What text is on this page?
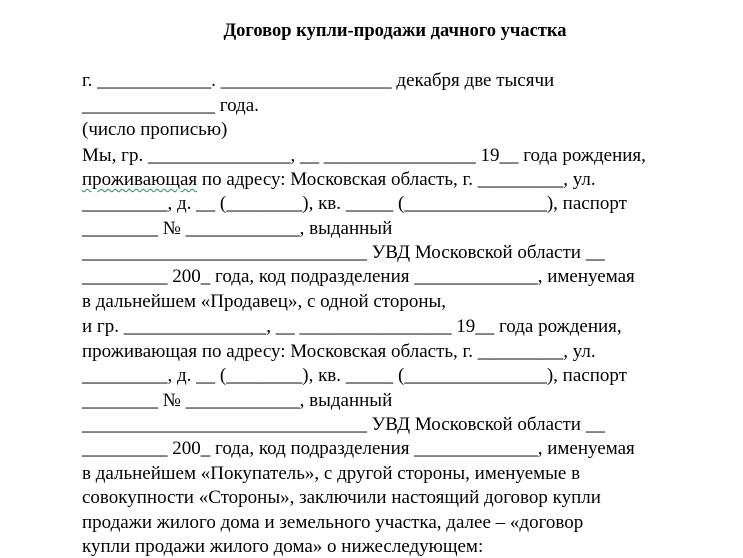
Договор купли-продажи дачного участка
г. ____________. __________________ декабря две тысячи
______________ года.
(число прописью)
Мы, гр. _______________, __ ________________ 19__ года рождения,
проживающая по адресу: Московская область, г. _________, ул.
_________, д. __ (________), кв. _____ (_______________), паспорт
________ № ____________, выданный
______________________________ УВД Московской области __
_________ 200_ года, код подразделения _____________, именуемая
в дальнейшем «Продавец», с одной стороны,
и гр. _______________, __ ________________ 19__ года рождения,
проживающая по адресу: Московская область, г. _________, ул.
_________, д. __ (________), кв. _____ (_______________), паспорт
________ № ____________, выданный
______________________________ УВД Московской области __
_________ 200_ года, код подразделения _____________, именуемая
в дальнейшем «Покупатель», с другой стороны, именуемые в
совокупности «Стороны», заключили настоящий договор купли
продажи жилого дома и земельного участка, далее – «договор
купли продажи жилого дома» о нижеследующем:
